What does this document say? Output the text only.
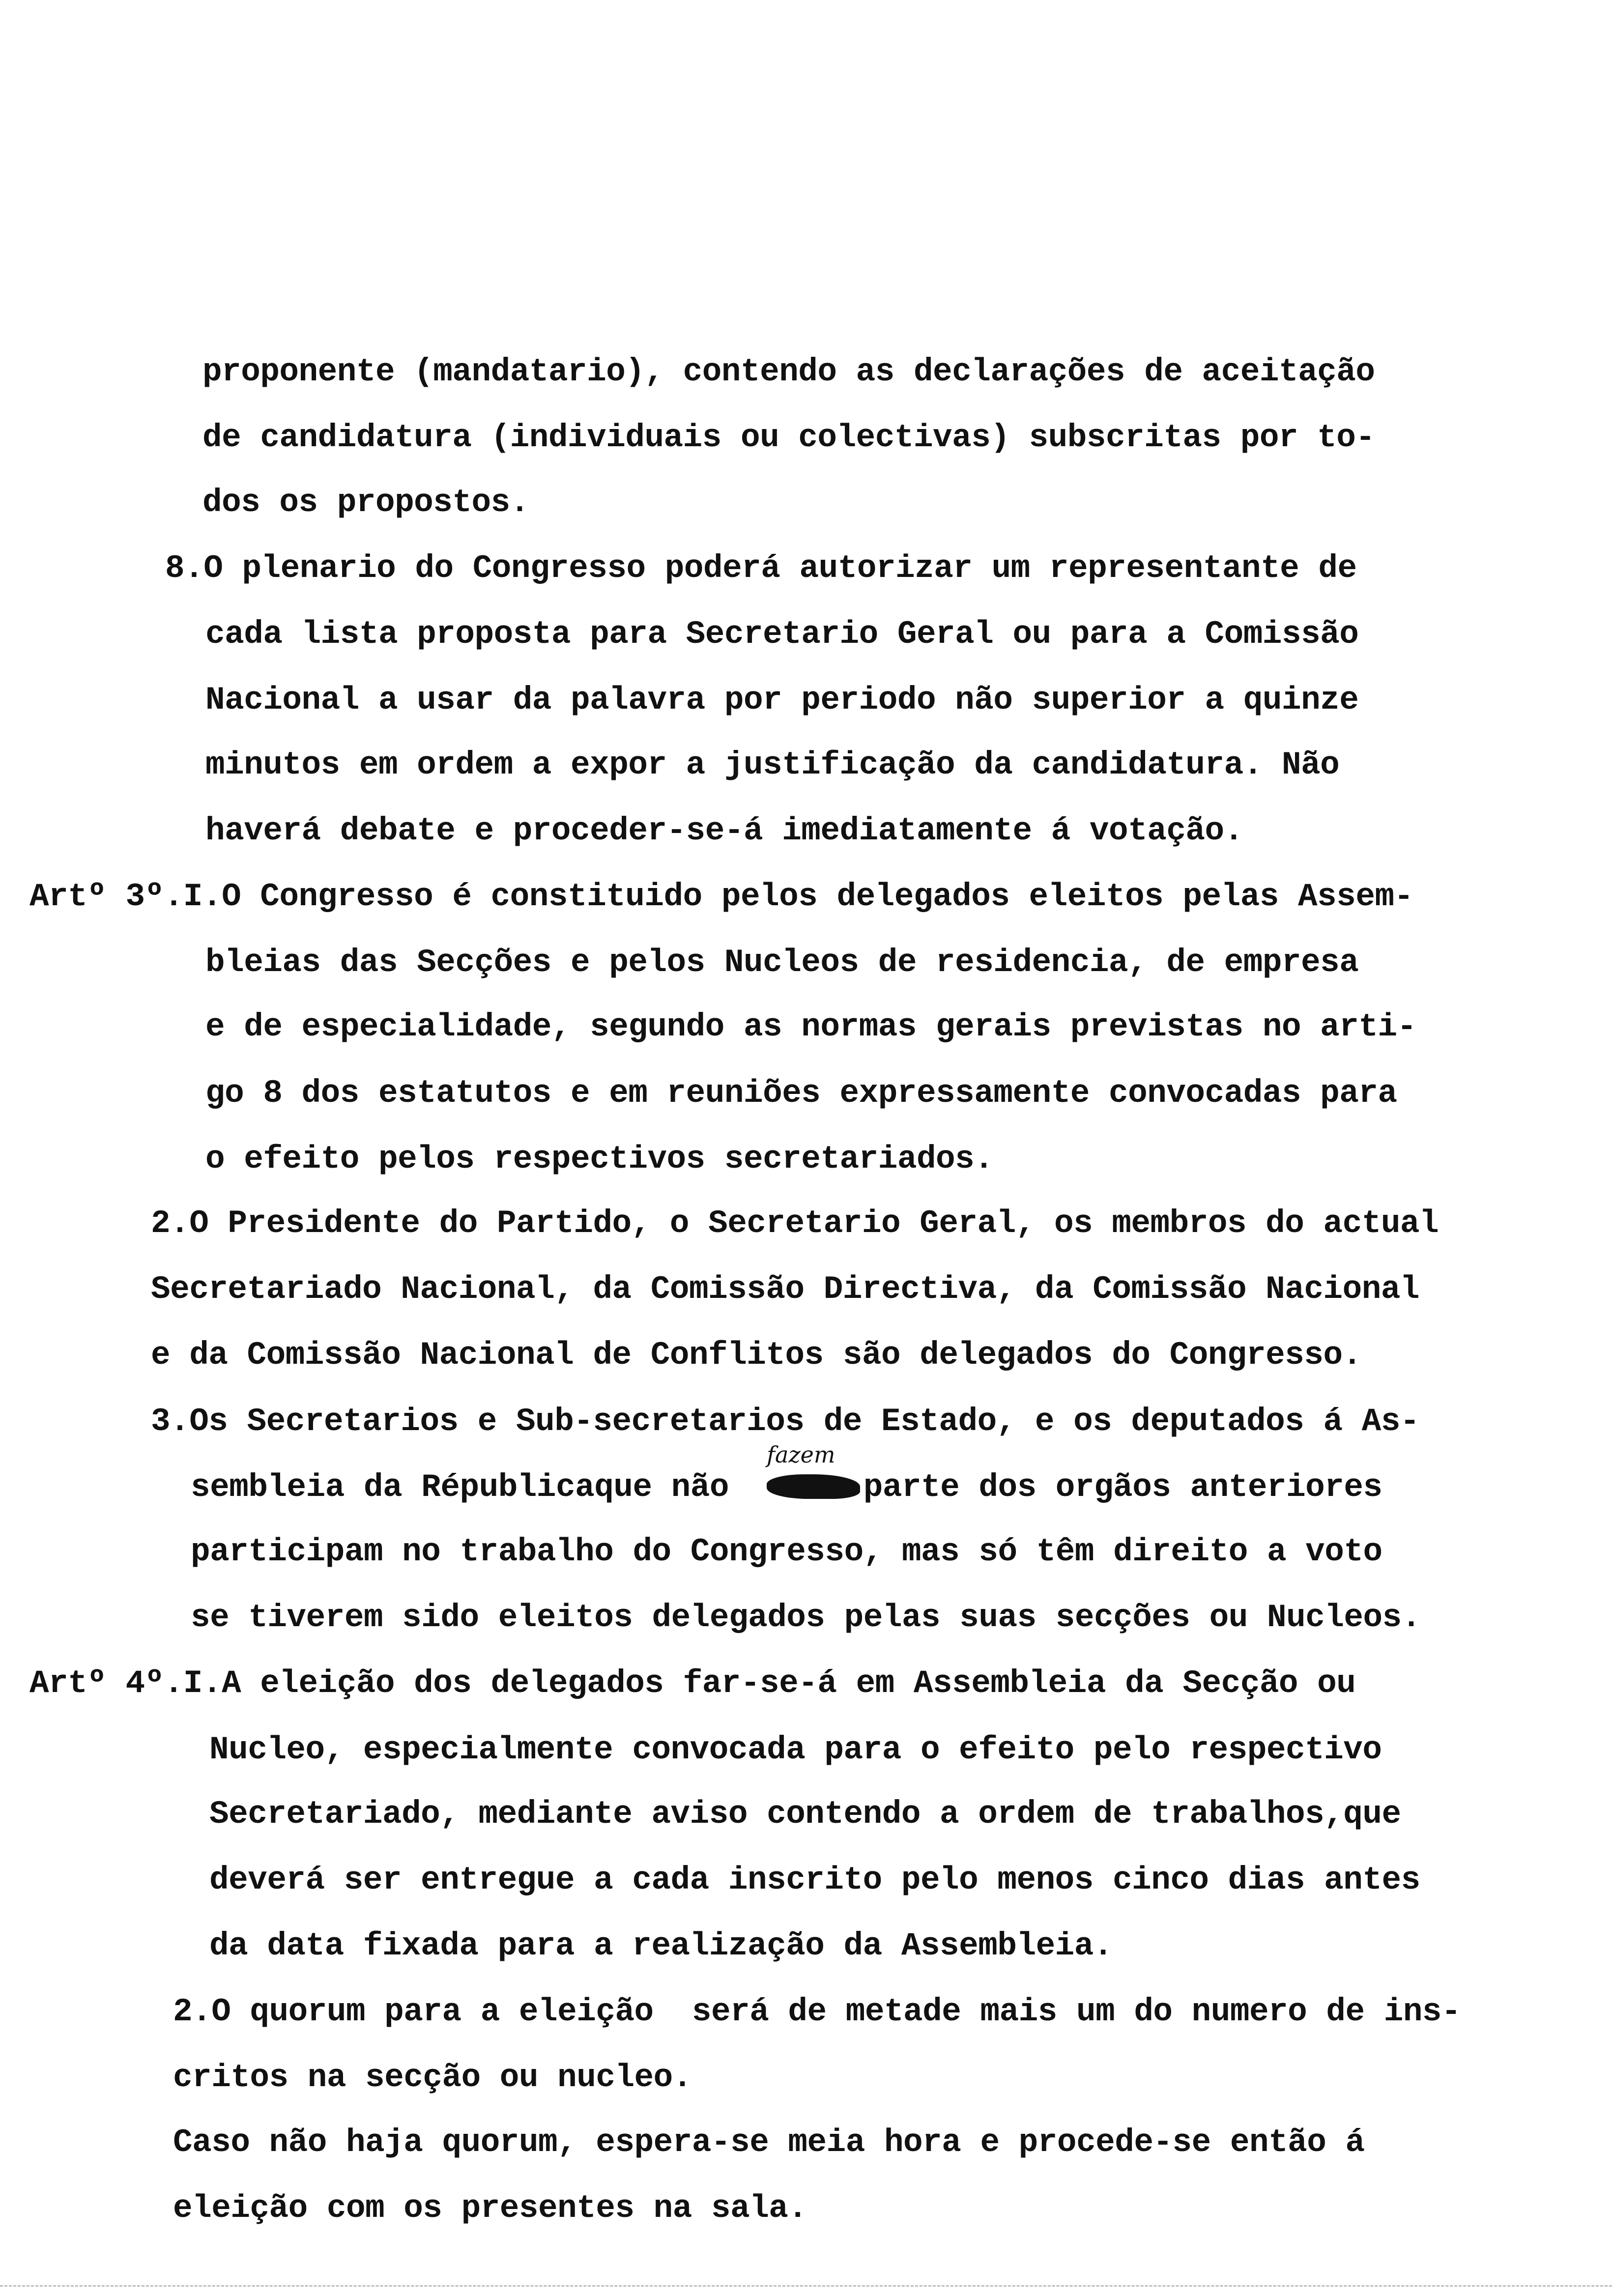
eleição com os presentes na sala.
Caso não haja quorum, espera-se meia hora e procede-se então á
critos na secção ou nucleo.
2.O quorum para a eleição  será de metade mais um do numero de ins-
da data fixada para a realização da Assembleia.
deverá ser entregue a cada inscrito pelo menos cinco dias antes
Secretariado, mediante aviso contendo a ordem de trabalhos,que
Nucleo, especialmente convocada para o efeito pelo respectivo
Artº 4º.I.A eleição dos delegados far-se-á em Assembleia da Secção ou
se tiverem sido eleitos delegados pelas suas secções ou Nucleos.
participam no trabalho do Congresso, mas só têm direito a voto
sembleia da Républicaque não       parte dos orgãos anteriores
3.Os Secretarios e Sub-secretarios de Estado, e os deputados á As-
e da Comissão Nacional de Conflitos são delegados do Congresso.
Secretariado Nacional, da Comissão Directiva, da Comissão Nacional
2.O Presidente do Partido, o Secretario Geral, os membros do actual
o efeito pelos respectivos secretariados.
go 8 dos estatutos e em reuniões expressamente convocadas para
e de especialidade, segundo as normas gerais previstas no arti-
bleias das Secções e pelos Nucleos de residencia, de empresa
Artº 3º.I.O Congresso é constituido pelos delegados eleitos pelas Assem-
haverá debate e proceder-se-á imediatamente á votação.
minutos em ordem a expor a justificação da candidatura. Não
Nacional a usar da palavra por periodo não superior a quinze
cada lista proposta para Secretario Geral ou para a Comissão
8.O plenario do Congresso poderá autorizar um representante de
dos os propostos.
de candidatura (individuais ou colectivas) subscritas por to-
proponente (mandatario), contendo as declarações de aceitação
fazem
